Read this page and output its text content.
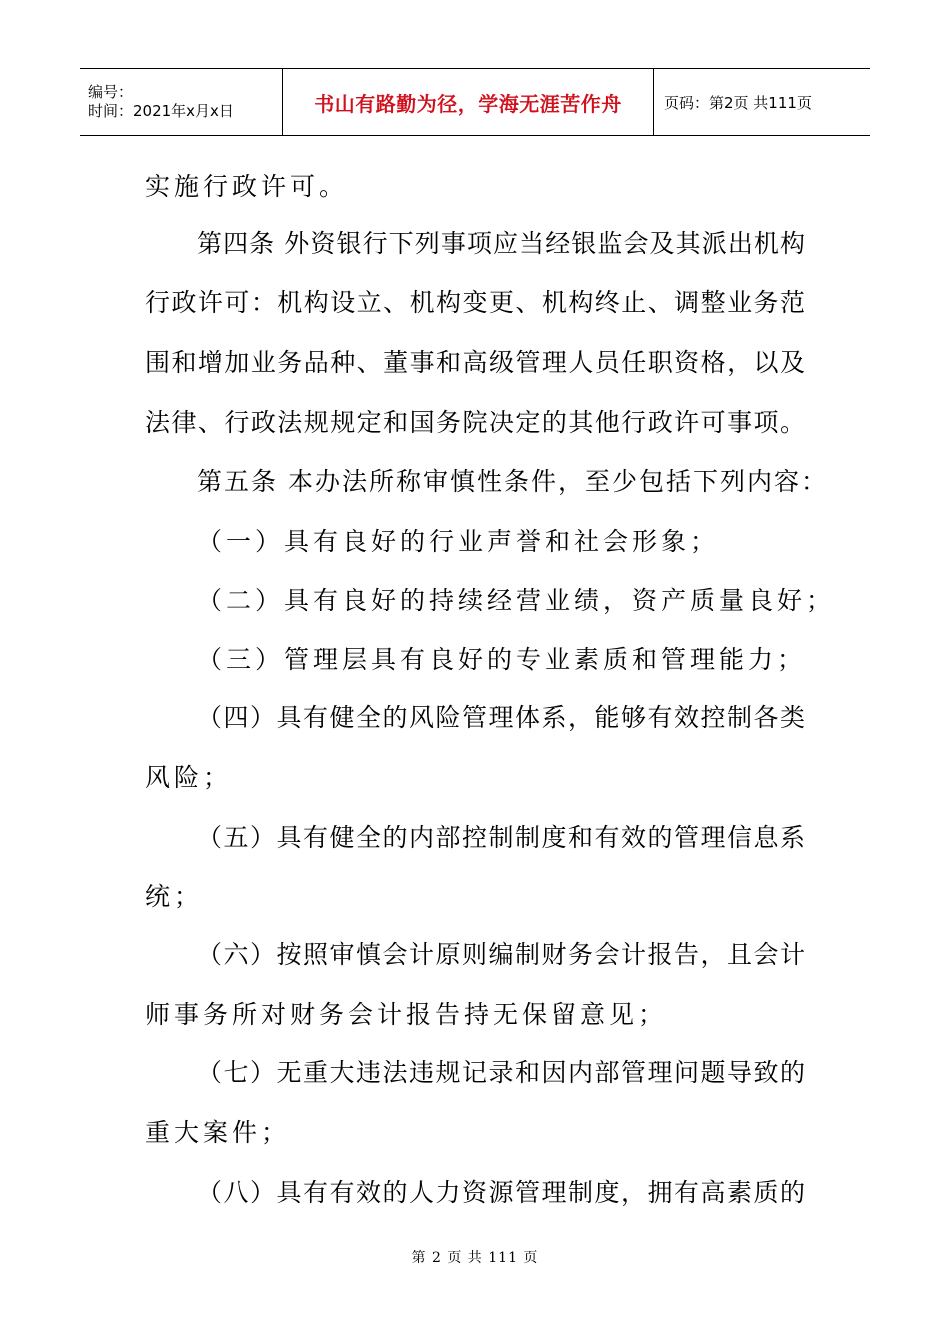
编号：
时间：2021年x月x日	书山有路勤为径，学海无涯苦作舟	页码：第2页 共111页
实施行政许可。
第四条 外资银行下列事项应当经银监会及其派出机构
行政许可：机构设立、机构变更、机构终止、调整业务范
围和增加业务品种、董事和高级管理人员任职资格，以及
法律、行政法规规定和国务院决定的其他行政许可事项。
第五条 本办法所称审慎性条件，至少包括下列内容：
（一）具有良好的行业声誉和社会形象；
（二）具有良好的持续经营业绩，资产质量良好；
（三）管理层具有良好的专业素质和管理能力；
（四）具有健全的风险管理体系，能够有效控制各类
风险；
（五）具有健全的内部控制制度和有效的管理信息系
统；
（六）按照审慎会计原则编制财务会计报告，且会计
师事务所对财务会计报告持无保留意见；
（七）无重大违法违规记录和因内部管理问题导致的
重大案件；
（八）具有有效的人力资源管理制度，拥有高素质的
第 2 页 共 111 页
